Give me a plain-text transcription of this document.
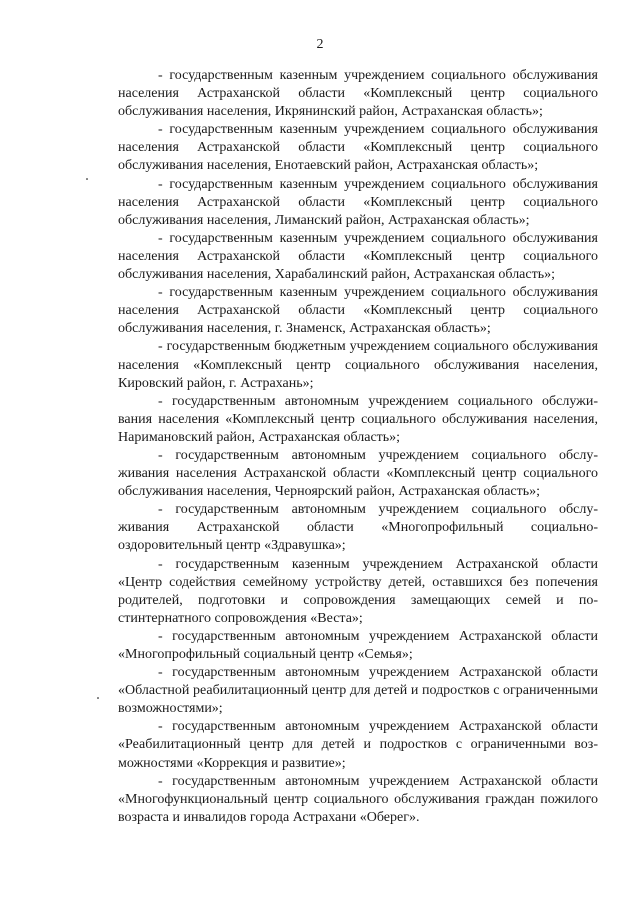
2

- государственным казенным учреждением социального обслуживания населения Астраханской области «Комплексный центр социального обслуживания населения, Икрянинский район, Астраханская область»;

- государственным казенным учреждением социального обслуживания населения Астраханской области «Комплексный центр социального обслуживания населения, Енотаевский район, Астраханская область»;

- государственным казенным учреждением социального обслуживания населения Астраханской области «Комплексный центр социального обслуживания населения, Лиманский район, Астраханская область»;

- государственным казенным учреждением социального обслуживания населения Астраханской области «Комплексный центр социального обслуживания населения, Харабалинский район, Астраханская область»;

- государственным казенным учреждением социального обслуживания населения Астраханской области «Комплексный центр социального обслуживания населения, г. Знаменск, Астраханская область»;

- государственным бюджетным учреждением социального обслуживания населения «Комплексный центр социального обслуживания населения, Кировский район, г. Астрахань»;

- государственным автономным учреждением социального обслуживания населения «Комплексный центр социального обслуживания населения, Наримановский район, Астраханская область»;

- государственным автономным учреждением социального обслуживания населения Астраханской области «Комплексный центр социального обслуживания населения, Черноярский район, Астраханская область»;

- государственным автономным учреждением социального обслуживания Астраханской области «Многопрофильный социально-оздоровительный центр «Здравушка»;

- государственным казенным учреждением Астраханской области «Центр содействия семейному устройству детей, оставшихся без попечения родителей, подготовки и сопровождения замещающих семей и постинтернатного сопровождения «Веста»;

- государственным автономным учреждением Астраханской области «Многопрофильный социальный центр «Семья»;

- государственным автономным учреждением Астраханской области «Областной реабилитационный центр для детей и подростков с ограниченными возможностями»;

- государственным автономным учреждением Астраханской области «Реабилитационный центр для детей и подростков с ограниченными возможностями «Коррекция и развитие»;

- государственным автономным учреждением Астраханской области «Многофункциональный центр социального обслуживания граждан пожилого возраста и инвалидов города Астрахани «Оберег».
